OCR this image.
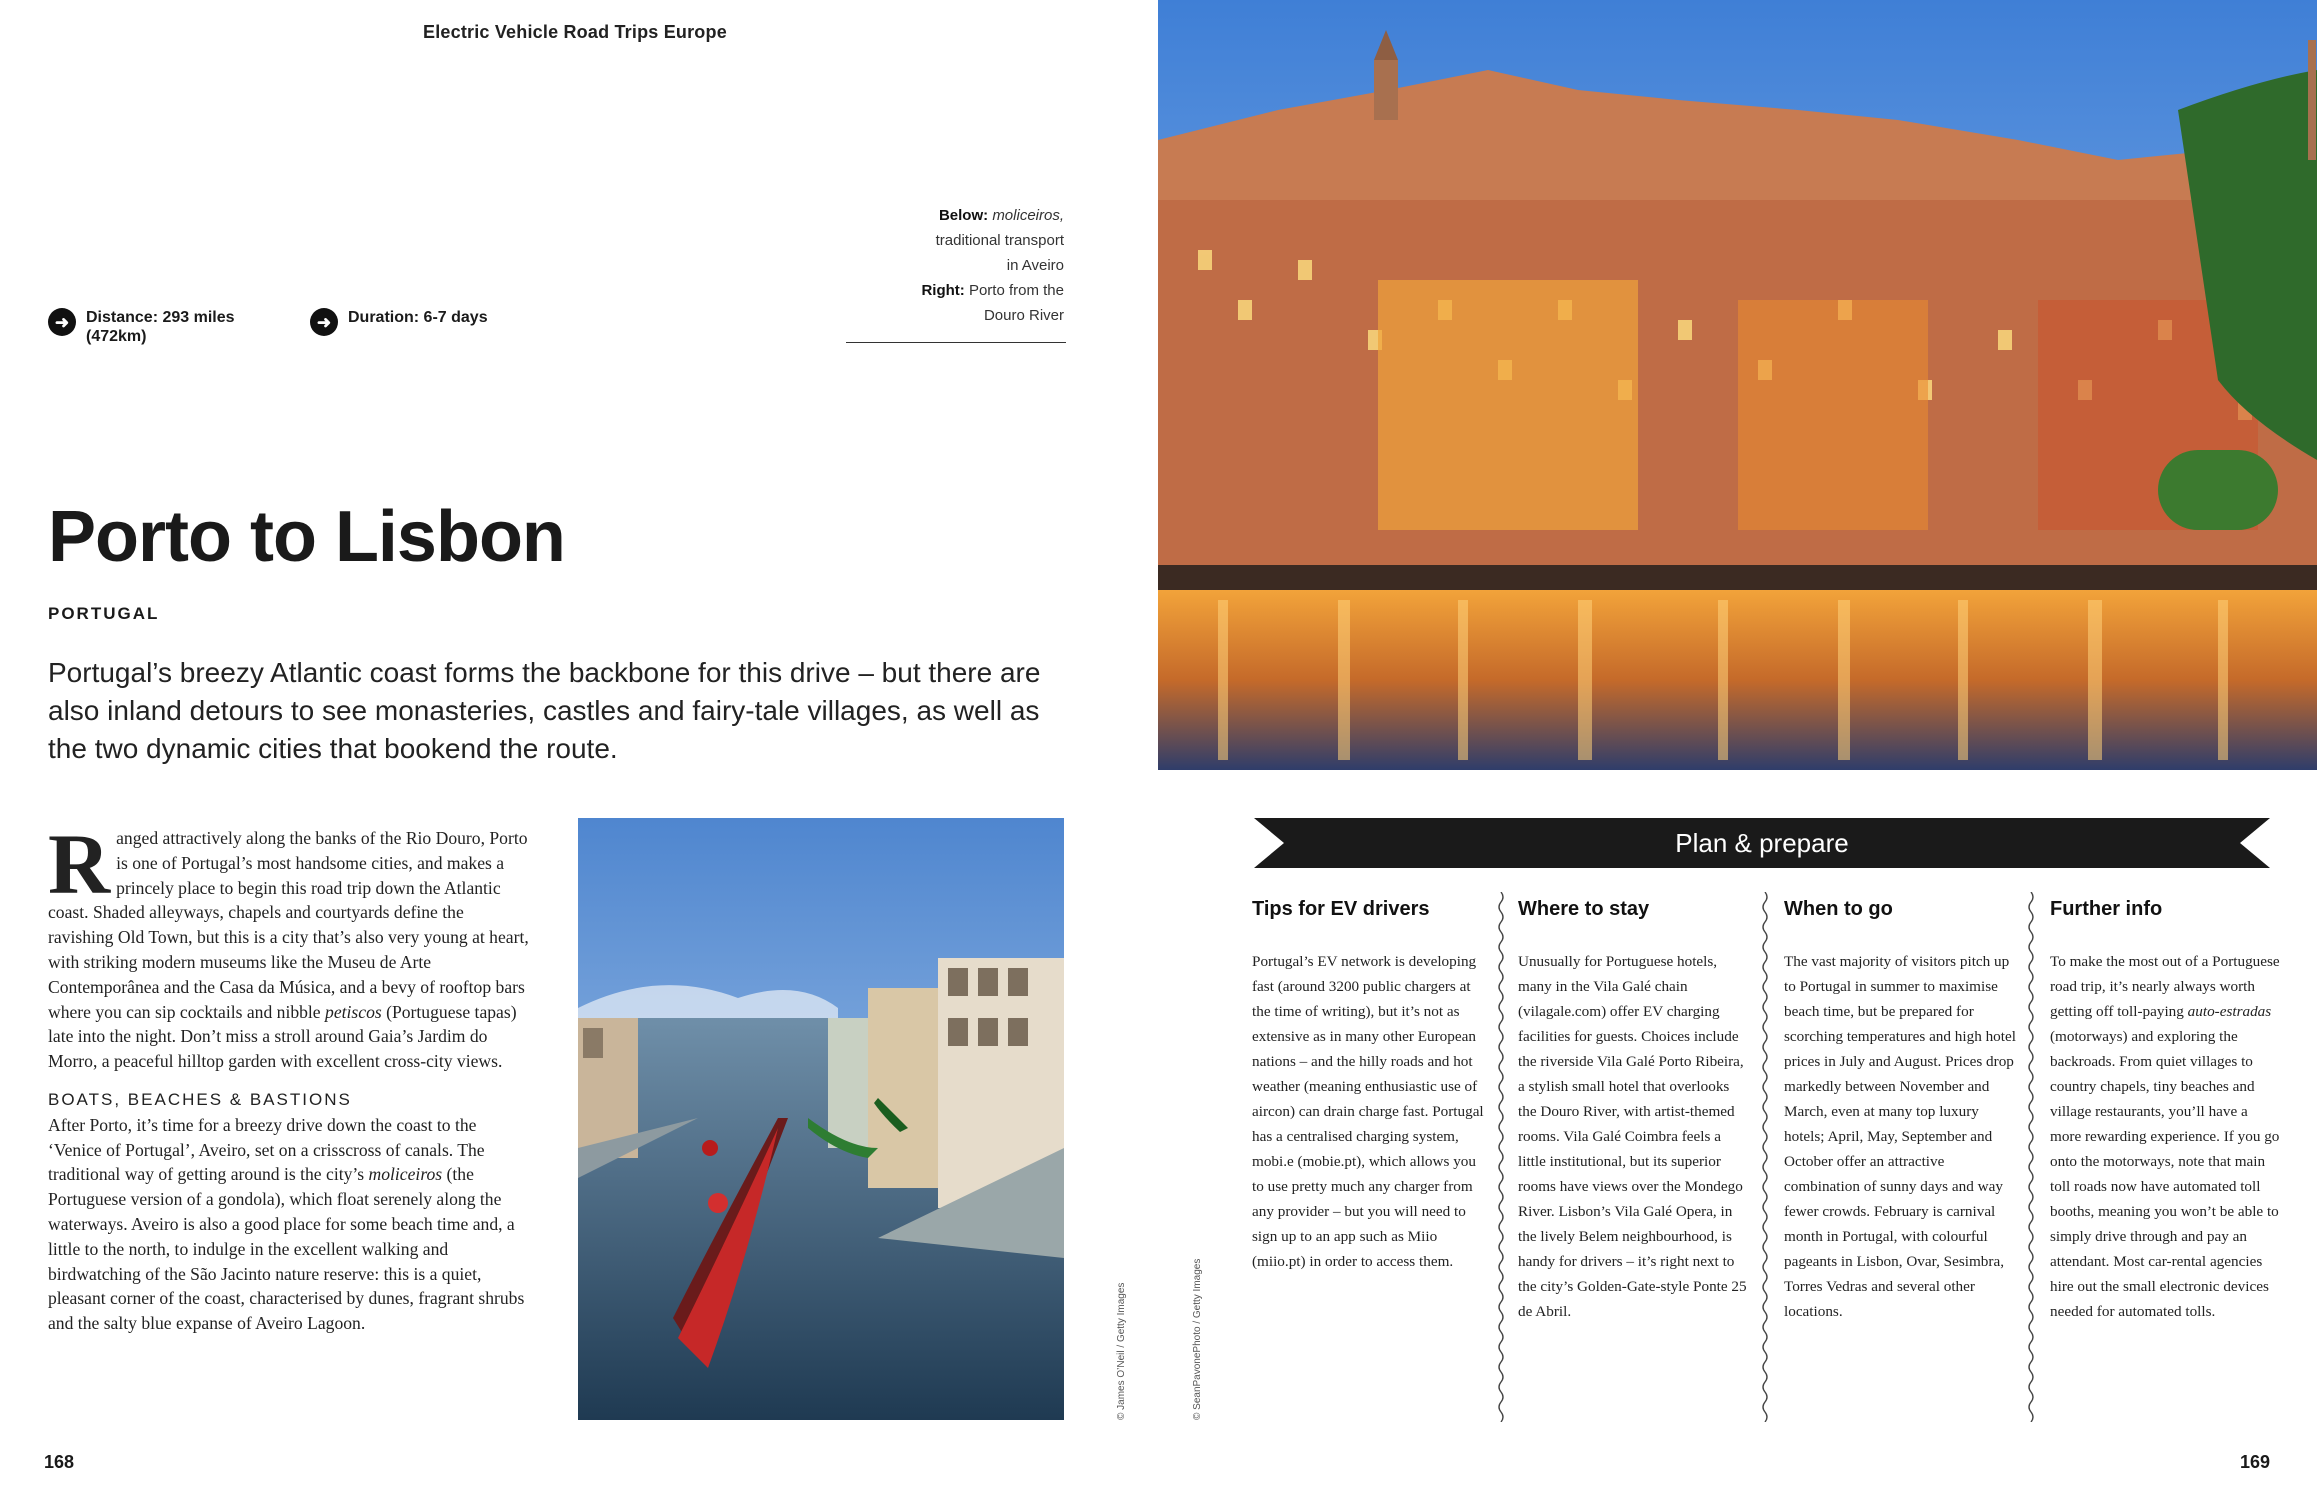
Electric Vehicle Road Trips Europe
➜	Distance: 293 miles
(472km)
➜	Duration: 6-7 days
Below: moliceiros,
traditional transport
in Aveiro
Right: Porto from the
Douro River
Porto to Lisbon
PORTUGAL
Portugal’s breezy Atlantic coast forms the backbone for this drive – but there are also inland detours to see monasteries, castles and fairy-tale villages, as well as the two dynamic cities that bookend the route.

Ranged attractively along the banks of the Rio Douro, Porto is one of Portugal’s most handsome cities, and makes a princely place to begin this road trip down the Atlantic coast. Shaded alleyways, chapels and courtyards define the ravishing Old Town, but this is a city that’s also very young at heart, with striking modern museums like the Museu de Arte Contemporânea and the Casa da Música, and a bevy of rooftop bars where you can sip cocktails and nibble petiscos (Portuguese tapas) late into the night. Don’t miss a stroll around Gaia’s Jardim do Morro, a peaceful hilltop garden with excellent cross-city views.

BOATS, BEACHES & BASTIONS

After Porto, it’s time for a breezy drive down the coast to the ‘Venice of Portugal’, Aveiro, set on a crisscross of canals. The traditional way of getting around is the city’s moliceiros (the Portuguese version of a gondola), which float serenely along the waterways. Aveiro is also a good place for some beach time and, a little to the north, to indulge in the excellent walking and birdwatching of the São Jacinto nature reserve: this is a quiet, pleasant corner of the coast, characterised by dunes, fragrant shrubs and the salty blue expanse of Aveiro Lagoon.	© James O’Neil / Getty Images	© SeanPavonePhoto / Getty Images
168	169
Plan & prepare
Tips for EV drivers

Portugal’s EV network is developing fast (around 3200 public chargers at the time of writing), but it’s not as extensive as in many other European nations – and the hilly roads and hot weather (meaning enthusiastic use of aircon) can drain charge fast. Portugal has a centralised charging system, mobi.e (mobie.pt), which allows you to use pretty much any charger from any provider – but you will need to sign up to an app such as Miio (miio.pt) in order to access them.

Where to stay

Unusually for Portuguese hotels, many in the Vila Galé chain (vilagale.com) offer EV charging facilities for guests. Choices include the riverside Vila Galé Porto Ribeira, a stylish small hotel that overlooks the Douro River, with artist-themed rooms. Vila Galé Coimbra feels a little institutional, but its superior rooms have views over the Mondego River. Lisbon’s Vila Galé Opera, in the lively Belem neighbourhood, is handy for drivers – it’s right next to the city’s Golden-Gate-style Ponte 25 de Abril.

When to go

The vast majority of visitors pitch up to Portugal in summer to maximise beach time, but be prepared for scorching temperatures and high hotel prices in July and August. Prices drop markedly between November and March, even at many top luxury hotels; April, May, September and October offer an attractive combination of sunny days and way fewer crowds. February is carnival month in Portugal, with colourful pageants in Lisbon, Ovar, Sesimbra, Torres Vedras and several other locations.

Further info

To make the most out of a Portuguese road trip, it’s nearly always worth getting off toll-paying auto-estradas (motorways) and exploring the backroads. From quiet villages to country chapels, tiny beaches and village restaurants, you’ll have a more rewarding experience. If you go onto the motorways, note that main toll roads now have automated toll booths, meaning you won’t be able to simply drive through and pay an attendant. Most car-rental agencies hire out the small electronic devices needed for automated tolls.
